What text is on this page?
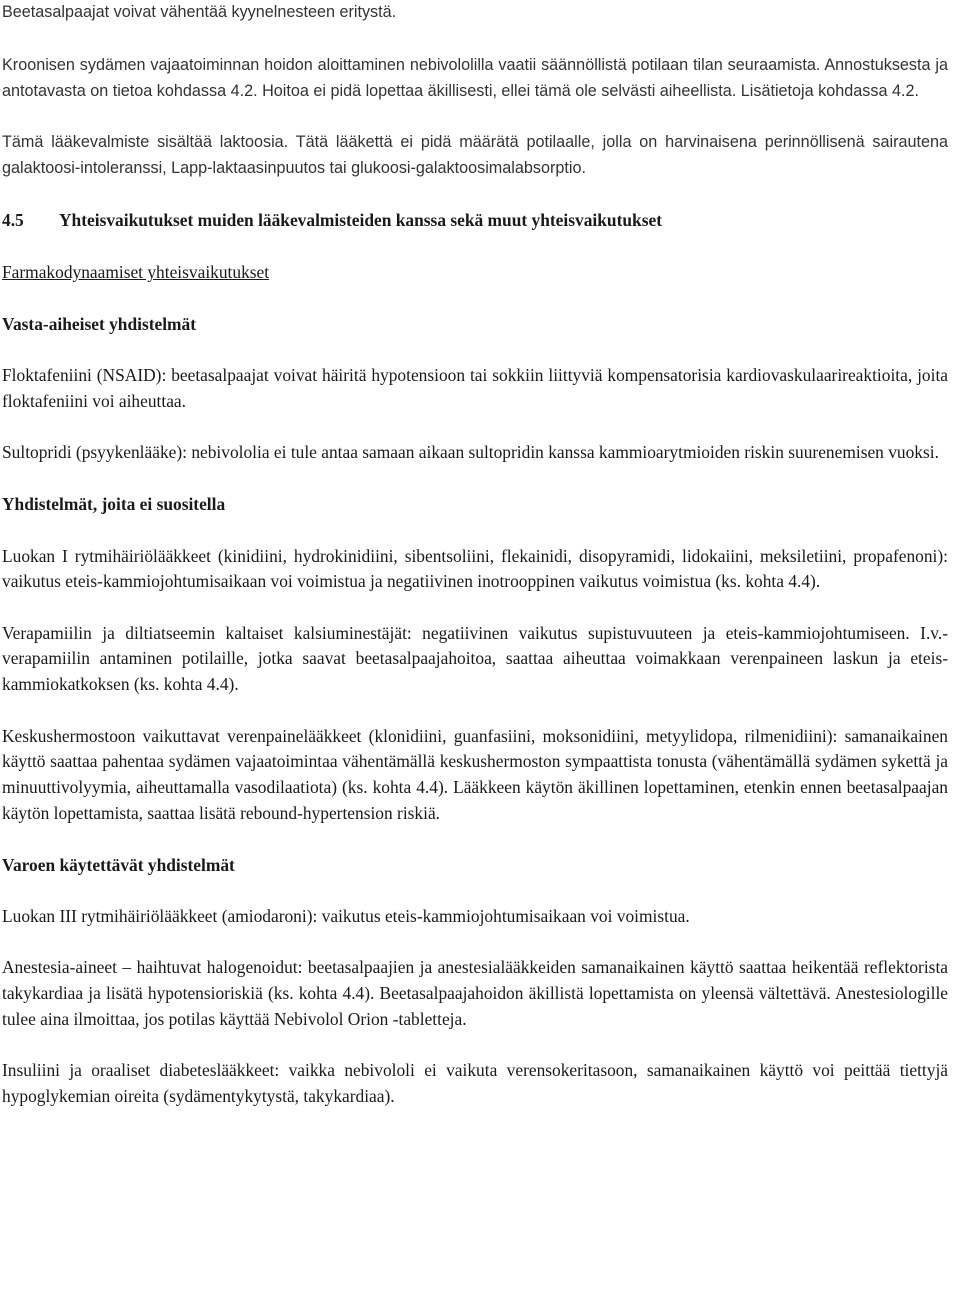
Beetasalpaajat voivat vähentää kyynelnesteen eritystä.

Kroonisen sydämen vajaatoiminnan hoidon aloittaminen nebivololilla vaatii säännöllistä potilaan tilan seuraamista. Annostuksesta ja antotavasta on tietoa kohdassa 4.2. Hoitoa ei pidä lopettaa äkillisesti, ellei tämä ole selvästi aiheellista. Lisätietoja kohdassa 4.2.

Tämä lääkevalmiste sisältää laktoosia. Tätä lääkettä ei pidä määrätä potilaalle, jolla on harvinaisena perinnöllisenä sairautena galaktoosi-intoleranssi, Lapp-laktaasinpuutos tai glukoosi-galaktoosimalabsorptio.

4.5 Yhteisvaikutukset muiden lääkevalmisteiden kanssa sekä muut yhteisvaikutukset

Farmakodynaamiset yhteisvaikutukset

Vasta-aiheiset yhdistelmät

Floktafeniini (NSAID): beetasalpaajat voivat häiritä hypotensioon tai sokkiin liittyviä kompensatorisia kardiovaskulaarireaktioita, joita floktafeniini voi aiheuttaa.

Sultopridi (psyykenlääke): nebivololia ei tule antaa samaan aikaan sultopridin kanssa kammioarytmioiden riskin suurenemisen vuoksi.

Yhdistelmät, joita ei suositella

Luokan I rytmihäiriölääkkeet (kinidiini, hydrokinidiini, sibentsoliini, flekainidi, disopyramidi, lidokaiini, meksiletiini, propafenoni): vaikutus eteis-kammiojohtumisaikaan voi voimistua ja negatiivinen inotrooppinen vaikutus voimistua (ks. kohta 4.4).

Verapamiilin ja diltiatseemin kaltaiset kalsiuminestäjät: negatiivinen vaikutus supistuvuuteen ja eteis-kammiojohtumiseen. I.v.-verapamiilin antaminen potilaille, jotka saavat beetasalpaajahoitoa, saattaa aiheuttaa voimakkaan verenpaineen laskun ja eteis-kammiokatkoksen (ks. kohta 4.4).

Keskushermostoon vaikuttavat verenpainelääkkeet (klonidiini, guanfasiini, moksonidiini, metyylidopa, rilmenidiini): samanaikainen käyttö saattaa pahentaa sydämen vajaatoimintaa vähentämällä keskushermoston sympaattista tonusta (vähentämällä sydämen sykettä ja minuuttivolyymia, aiheuttamalla vasodilaatiota) (ks. kohta 4.4). Lääkkeen käytön äkillinen lopettaminen, etenkin ennen beetasalpaajan käytön lopettamista, saattaa lisätä rebound-hypertension riskiä.

Varoen käytettävät yhdistelmät

Luokan III rytmihäiriölääkkeet (amiodaroni): vaikutus eteis-kammiojohtumisaikaan voi voimistua.

Anestesia-aineet – haihtuvat halogenoidut: beetasalpaajien ja anestesialääkkeiden samanaikainen käyttö saattaa heikentää reflektorista takykardiaa ja lisätä hypotensioriskiä (ks. kohta 4.4). Beetasalpaajahoidon äkillistä lopettamista on yleensä vältettävä. Anestesiologille tulee aina ilmoittaa, jos potilas käyttää Nebivolol Orion -tabletteja.

Insuliini ja oraaliset diabeteslääkkeet: vaikka nebivololi ei vaikuta verensokeritasoon, samanaikainen käyttö voi peittää tiettyjä hypoglykemian oireita (sydämentykytystä, takykardiaa).
